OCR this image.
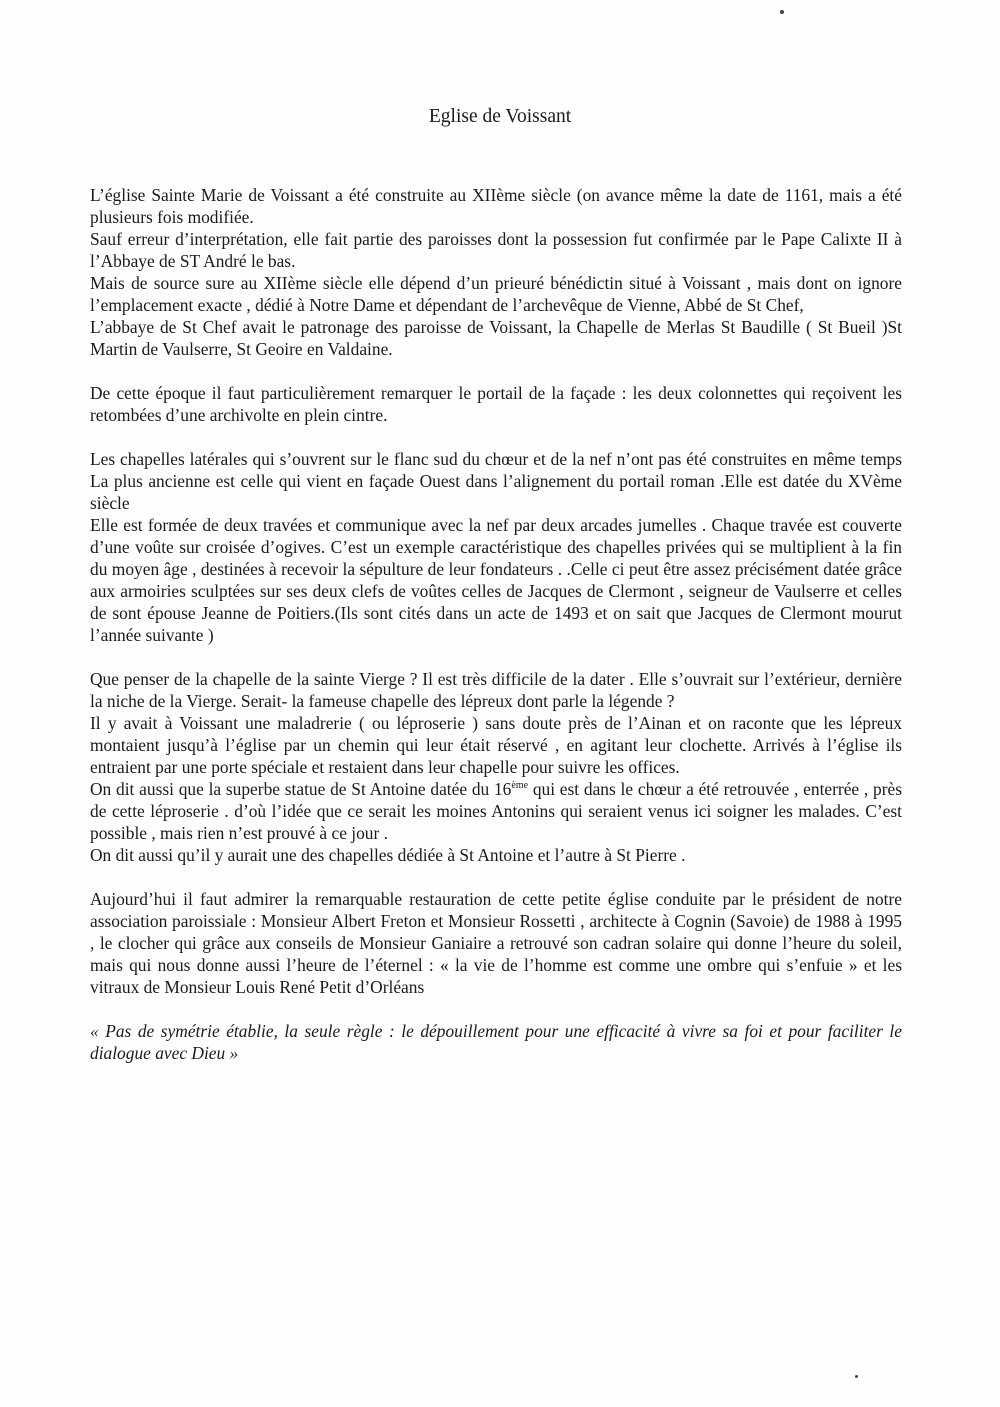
Eglise de Voissant

L’église Sainte Marie de Voissant a été construite au XIIème siècle (on avance même la date de 1161, mais a été plusieurs fois modifiée.

Sauf erreur d’interprétation, elle fait partie des paroisses dont la possession fut confirmée par le Pape Calixte II à l’Abbaye de ST André le bas.

Mais de source sure au XIIème siècle elle dépend d’un prieuré bénédictin situé à Voissant , mais dont on ignore l’emplacement exacte , dédié à Notre Dame et dépendant de l’archevêque de Vienne, Abbé de St Chef,

L’abbaye de St Chef avait le patronage des paroisse de Voissant, la Chapelle de Merlas St Baudille ( St Bueil )St Martin de Vaulserre, St Geoire en Valdaine.

De cette époque il faut particulièrement remarquer le portail de la façade : les deux colonnettes qui reçoivent les retombées d’une archivolte en plein cintre.

Les chapelles latérales qui s’ouvrent sur le flanc sud du chœur et de la nef n’ont pas été construites en même temps La plus ancienne est celle qui vient en façade Ouest dans l’alignement du portail roman .Elle est datée du XVème siècle

Elle est formée de deux travées et communique avec la nef par deux arcades jumelles . Chaque travée est couverte d’une voûte sur croisée d’ogives. C’est un exemple caractéristique des chapelles privées qui se multiplient à la fin du moyen âge , destinées à recevoir la sépulture de leur fondateurs . .Celle ci peut être assez précisément datée grâce aux armoiries sculptées sur ses deux clefs de voûtes celles de Jacques de Clermont , seigneur de Vaulserre et celles de sont épouse Jeanne de Poitiers.(Ils sont cités dans un acte de 1493 et on sait que Jacques de Clermont mourut l’année suivante )

Que penser de la chapelle de la sainte Vierge ? Il est très difficile de la dater . Elle s’ouvrait sur l’extérieur, dernière la niche de la Vierge. Serait- la fameuse chapelle des lépreux dont parle la légende ?

Il y avait à Voissant une maladrerie ( ou léproserie ) sans doute près de l’Ainan et on raconte que les lépreux montaient jusqu’à l’église par un chemin qui leur était réservé , en agitant leur clochette. Arrivés à l’église ils entraient par une porte spéciale et restaient dans leur chapelle pour suivre les offices.

On dit aussi que la superbe statue de St Antoine datée du 16ème qui est dans le chœur a été retrouvée , enterrée , près de cette léproserie . d’où l’idée que ce serait les moines Antonins qui seraient venus ici soigner les malades. C’est possible , mais rien n’est prouvé à ce jour .

On dit aussi qu’il y aurait une des chapelles dédiée à St Antoine et l’autre à St Pierre .

Aujourd’hui il faut admirer la remarquable restauration de cette petite église conduite par le président de notre association paroissiale : Monsieur Albert Freton et Monsieur Rossetti , architecte à Cognin (Savoie) de 1988 à 1995 , le clocher qui grâce aux conseils de Monsieur Ganiaire a retrouvé son cadran solaire qui donne l’heure du soleil, mais qui nous donne aussi l’heure de l’éternel : « la vie de l’homme est comme une ombre qui s’enfuie » et les vitraux de Monsieur Louis René Petit d’Orléans

« Pas de symétrie établie, la seule règle : le dépouillement pour une efficacité à vivre sa foi et pour faciliter le dialogue avec Dieu »
